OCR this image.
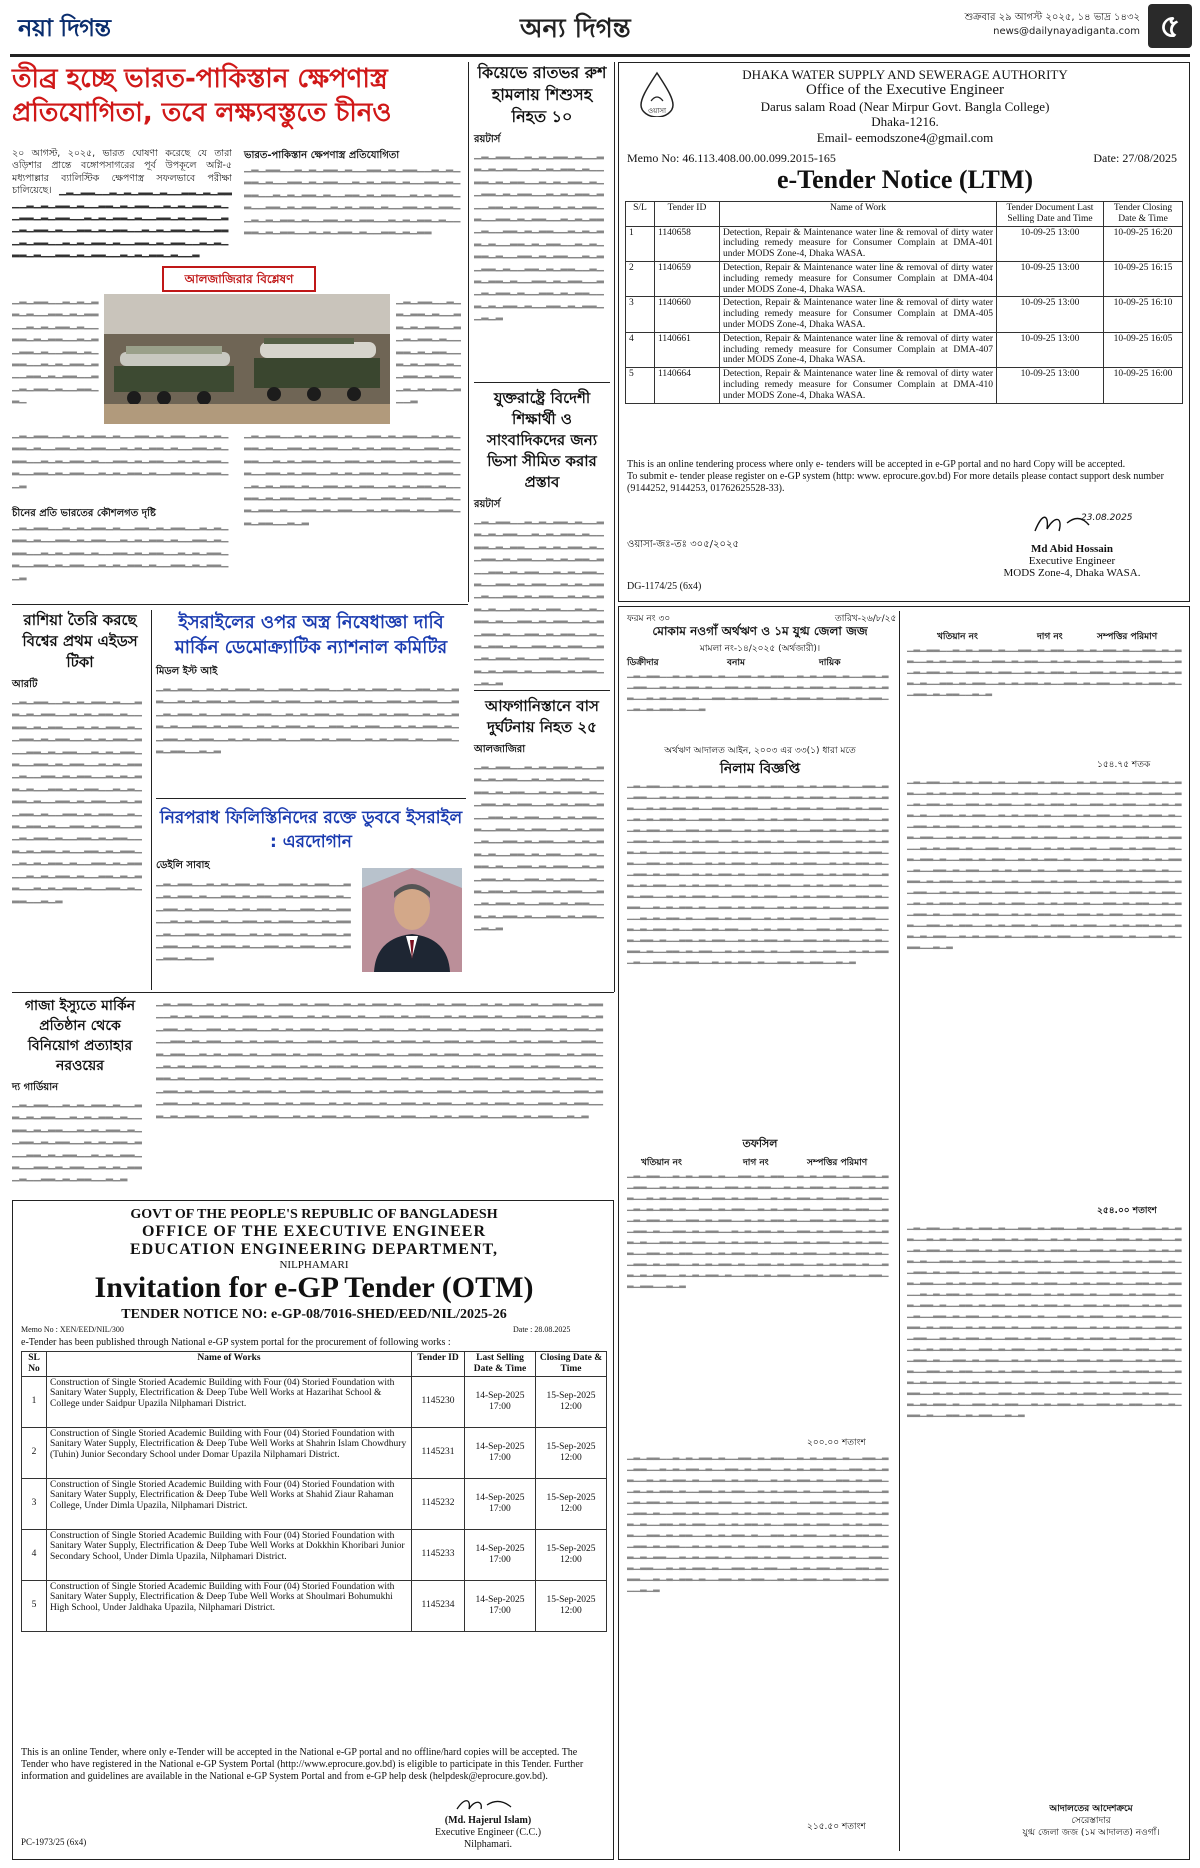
নয়া দিগন্ত	অন্য দিগন্ত	শুক্রবার ২৯ আগস্ট ২০২৫, ১৪ ভাদ্র ১৪৩২
news@dailynayadiganta.com ৫
তীব্র হচ্ছে ভারত-পাকিস্তান ক্ষেপণাস্ত্র
প্রতিযোগিতা, তবে লক্ষ্যবস্তুতে চীনও
২০ আগস্ট, ২০২৫, ভারত ঘোষণা করেছে যে তারা ওড়িশার প্রান্তে বঙ্গোপসাগরের পূর্ব উপকূলে অগ্নি-৫ মধ্যপাল্লার ব্যালিস্টিক ক্ষেপণাস্ত্র সফলভাবে পরীক্ষা চালিয়েছে। ▁▂▁▂▂▁▁▂▁▂▁▂▂▁▂▁▁▂▂▁▂▁▂▂▁▁▂▁▂▁▂▂▁▂▁▁▂▂▁▂▁▂▂▁▁▂▁▂▁▂▂▁▂▁▁▂▂▁▂▁▂▂▁▁▂▁▂▁▂▂▁▂▁▁▂▂▁▂▁▂▂▁▁▂▁▂▁▂▂▁▂▁▁▂▂▁▂▁▂▂▁▁▂▁▂▁▂▂▁▂▁▁▂▂▁▂▁▂▂▁▁▂▁▂▁▂▂▁▂▁▁▂▂▁▂▁▂▂▁▁▂▁▂▁▂▂▁▂▁▁▂▂▁▂▁▂▂▁▁▂▁▂▁▂▂▁▂▁▁▂
ভারত-পাকিস্তান ক্ষেপণাস্ত্র প্রতিযোগিতা
▁▂▁▂▂▁▁▂▁▂▁▂▂▁▂▁▁▂▂▁▂▁▂▂▁▁▂▁▂▁▂▂▁▂▁▁▂▂▁▂▁▂▂▁▁▂▁▂▁▂▂▁▂▁▁▂▂▁▂▁▂▂▁▁▂▁▂▁▂▂▁▂▁▁▂▂▁▂▁▂▂▁▁▂▁▂▁▂▂▁▂▁▁▂▂▁▂▁▂▂▁▁▂▁▂▁▂▂▁▂▁▁▂▂▁▂▁▂▂▁▁▂▁▂▁▂▂▁▂▁▁▂▂▁▂▁▂▂▁▁▂▁▂▁▂▂▁▂▁▁▂▂▁▂▁▂▂▁▁▂▁▂▁▂▂▁▂▁▁▂▂▁▂▁▂▂
আলজাজিরার বিশ্লেষণ
▁▂▁▂▂▁▁▂▁▂▁▂▂▁▂▁▁▂▂▁▂▁▂▂▁▁▂▁▂▁▂▂▁▂▁▁▂▂▁▂▁▂▂▁▁▂▁▂▁▂▂▁▂▁▁▂▂▁▂▁▂▂▁▁▂▁▂▁▂▂▁▂▁▁▂▂▁▂▁▂▂▁▁▂▁▂▁▂▂▁▂▁▁▂▂▁▂▁
▁▂▁▂▂▁▁▂▁▂▁▂▂▁▂▁▁▂▂▁▂▁▂▂▁▁▂▁▂▁▂▂▁▂▁▁▂▂▁▂▁▂▂▁▁▂▁▂▁▂▂▁▂▁▁▂▂▁▂▁▂▂▁▁▂▁▂▁▂▂▁▂▁▁▂
চীনের প্রতি ভারতের কৌশলগত দৃষ্টি
▁▂▁▂▂▁▁▂▁▂▁▂▂▁▂▁▁▂▂▁▂▁▂▂▁▁▂▁▂▁▂▂▁▂▁▁▂▂▁▂▁▂▂▁▁▂▁▂▁▂▂▁▂▁▁▂▂▁▂▁▂▂▁▁▂▁▂▁▂▂▁▂▁▁▂▂▁▂▁▂▂▁▁▂▁▂▁▂▂▁▂▁▁▂▂▁▂▁▂▂▁▁▂▁▂▁▂▂▁▂▁▁▂▂▁▂▁▂▂▁▁▂
▁▂▁▂▂▁▁▂▁▂▁▂▂▁▂▁▁▂▂▁▂▁▂▂▁▁▂▁▂▁▂▂▁▂▁▁▂▂▁▂▁▂▂▁▁▂▁▂▁▂▂▁▂▁▁▂▂▁▂▁▂▂▁▁▂▁▂▁▂▂▁▂▁▁▂▂▁▂▁▂▂▁▁▂▁▂▁▂▂▁▂▁▁▂▂▁▂▁▂▂▁▁▂▁▂▁▂▂▁▂▁▁▂▂▁▂▁▂▂▁▁▂
▁▂▁▂▂▁▁▂▁▂▁▂▂▁▂▁▁▂▂▁▂▁▂▂▁▁▂▁▂▁▂▂▁▂▁▁▂▂▁▂▁▂▂▁▁▂▁▂▁▂▂▁▂▁▁▂▂▁▂▁▂▂▁▁▂▁▂▁▂▂▁▂▁▁▂▂▁▂▁▂▂▁▁▂▁▂▁▂▂▁▂▁▁▂▂▁▂▁▂▂▁▁▂▁▂▁▂▂▁▂▁▁▂▂▁▂▁▂▂▁▁▂▁▂▁▂▂▁▂▁▁▂▂▁▂▁▂▂▁▁▂▁▂▁▂▂▁▂▁▁▂▂▁▂▁▂▂▁▁▂▁▂▁▂▂▁▂▁▁▂▂▁▂▁▂▂▁▁▂▁▂▁▂▂▁▂▁▁▂▂▁▂▁▂▂▁▁▂▁▂▁▂▂▁▂▁▁▂▂▁▂▁▂▂▁▁▂▁▂
কিয়েভে রাতভর রুশ হামলায় শিশুসহ নিহত ১০
রয়টার্স
▁▂▁▂▂▁▁▂▁▂▁▂▂▁▂▁▁▂▂▁▂▁▂▂▁▁▂▁▂▁▂▂▁▂▁▁▂▂▁▂▁▂▂▁▁▂▁▂▁▂▂▁▂▁▁▂▂▁▂▁▂▂▁▁▂▁▂▁▂▂▁▂▁▁▂▂▁▂▁▂▂▁▁▂▁▂▁▂▂▁▂▁▁▂▂▁▂▁▂▂▁▁▂▁▂▁▂▂▁▂▁▁▂▂▁▂▁▂▂▁▁▂▁▂▁▂▂▁▂▁▁▂▂▁▂▁▂▂▁▁▂▁▂▁▂▂▁▂▁▁▂▂▁▂▁▂▂▁▁▂▁▂▁▂▂▁▂▁▁▂▂▁▂▁▂▂▁▁▂▁▂▁▂▂▁▂▁▁▂▂▁▂▁▂▂▁▁▂▁▂▁▂▂▁▂▁▁▂▂▁▂▁▂▂▁▁▂▁▂▁▂▂▁▂▁▁▂▂▁▂▁▂▂▁▁▂▁▂
যুক্তরাষ্ট্রে বিদেশী শিক্ষার্থী ও সাংবাদিকদের জন্য ভিসা সীমিত করার প্রস্তাব
রয়টার্স
▁▂▁▂▂▁▁▂▁▂▁▂▂▁▂▁▁▂▂▁▂▁▂▂▁▁▂▁▂▁▂▂▁▂▁▁▂▂▁▂▁▂▂▁▁▂▁▂▁▂▂▁▂▁▁▂▂▁▂▁▂▂▁▁▂▁▂▁▂▂▁▂▁▁▂▂▁▂▁▂▂▁▁▂▁▂▁▂▂▁▂▁▁▂▂▁▂▁▂▂▁▁▂▁▂▁▂▂▁▂▁▁▂▂▁▂▁▂▂▁▁▂▁▂▁▂▂▁▂▁▁▂▂▁▂▁▂▂▁▁▂▁▂▁▂▂▁▂▁▁▂▂▁▂▁▂▂▁▁▂▁▂▁▂▂▁▂▁▁▂▂▁▂▁▂▂▁▁▂▁▂▁▂▂▁▂▁▁▂▂▁▂▁▂▂▁▁▂▁▂▁▂▂▁▂▁▁▂▂▁▂▁▂▂▁▁▂▁▂▁▂▂▁▂▁▁▂▂▁▂▁▂▂▁▁▂▁▂
আফগানিস্তানে বাস দুর্ঘটনায় নিহত ২৫
আলজাজিরা
▁▂▁▂▂▁▁▂▁▂▁▂▂▁▂▁▁▂▂▁▂▁▂▂▁▁▂▁▂▁▂▂▁▂▁▁▂▂▁▂▁▂▂▁▁▂▁▂▁▂▂▁▂▁▁▂▂▁▂▁▂▂▁▁▂▁▂▁▂▂▁▂▁▁▂▂▁▂▁▂▂▁▁▂▁▂▁▂▂▁▂▁▁▂▂▁▂▁▂▂▁▁▂▁▂▁▂▂▁▂▁▁▂▂▁▂▁▂▂▁▁▂▁▂▁▂▂▁▂▁▁▂▂▁▂▁▂▂▁▁▂▁▂▁▂▂▁▂▁▁▂▂▁▂▁▂▂▁▁▂▁▂▁▂▂▁▂▁▁▂▂▁▂▁▂▂▁▁▂▁▂▁▂▂▁▂▁▁▂▂▁▂▁▂▂▁▁▂▁▂▁▂▂▁▂▁▁▂▂▁▂▁▂▂▁▁▂▁▂▁▂▂▁▂▁▁▂▂▁▂▁▂▂▁▁▂▁▂
রাশিয়া তৈরি করছে বিশ্বের প্রথম এইডস টিকা
আরটি
▁▂▁▂▂▁▁▂▁▂▁▂▂▁▂▁▁▂▂▁▂▁▂▂▁▁▂▁▂▁▂▂▁▂▁▁▂▂▁▂▁▂▂▁▁▂▁▂▁▂▂▁▂▁▁▂▂▁▂▁▂▂▁▁▂▁▂▁▂▂▁▂▁▁▂▂▁▂▁▂▂▁▁▂▁▂▁▂▂▁▂▁▁▂▂▁▂▁▂▂▁▁▂▁▂▁▂▂▁▂▁▁▂▂▁▂▁▂▂▁▁▂▁▂▁▂▂▁▂▁▁▂▂▁▂▁▂▂▁▁▂▁▂▁▂▂▁▂▁▁▂▂▁▂▁▂▂▁▁▂▁▂▁▂▂▁▂▁▁▂▂▁▂▁▂▂▁▁▂▁▂▁▂▂▁▂▁▁▂▂▁▂▁▂▂▁▁▂▁▂▁▂▂▁▂▁▁▂▂▁▂▁▂▂▁▁▂▁▂▁▂▂▁▂▁▁▂▂▁▂▁▂▂▁▁▂▁▂▁▂▂▁▂▁▁▂▂▁▂▁▂▂▁▁▂▁▂▁▂▂▁▂▁▁▂▂▁▂▁▂▂▁▁▂▁▂▁▂▂▁▂▁▁▂▂▁▂▁▂▂▁▁▂▁▂
ইসরাইলের ওপর অস্ত্র নিষেধাজ্ঞা দাবি মার্কিন ডেমোক্র্যাটিক ন্যাশনাল কমিটির
মিডল ইস্ট আই
▁▂▁▂▂▁▁▂▁▂▁▂▂▁▂▁▁▂▂▁▂▁▂▂▁▁▂▁▂▁▂▂▁▂▁▁▂▂▁▂▁▂▂▁▁▂▁▂▁▂▂▁▂▁▁▂▂▁▂▁▂▂▁▁▂▁▂▁▂▂▁▂▁▁▂▂▁▂▁▂▂▁▁▂▁▂▁▂▂▁▂▁▁▂▂▁▂▁▂▂▁▁▂▁▂▁▂▂▁▂▁▁▂▂▁▂▁▂▂▁▁▂▁▂▁▂▂▁▂▁▁▂▂▁▂▁▂▂▁▁▂▁▂▁▂▂▁▂▁▁▂▂▁▂▁▂▂▁▁▂▁▂▁▂▂▁▂▁▁▂▂▁▂▁▂▂▁▁▂▁▂▁▂▂▁▂▁▁▂▂▁▂▁▂▂▁▁▂▁▂▁▂▂▁▂▁▁▂▂▁▂▁▂▂▁▁▂▁▂
নিরপরাধ ফিলিস্তিনিদের রক্তে ডুববে ইসরাইল : এরদোগান
ডেইলি সাবাহ
▁▂▁▂▂▁▁▂▁▂▁▂▂▁▂▁▁▂▂▁▂▁▂▂▁▁▂▁▂▁▂▂▁▂▁▁▂▂▁▂▁▂▂▁▁▂▁▂▁▂▂▁▂▁▁▂▂▁▂▁▂▂▁▁▂▁▂▁▂▂▁▂▁▁▂▂▁▂▁▂▂▁▁▂▁▂▁▂▂▁▂▁▁▂▂▁▂▁▂▂▁▁▂▁▂▁▂▂▁▂▁▁▂▂▁▂▁▂▂▁▁▂▁▂▁▂▂▁▂▁▁▂▂▁▂▁▂▂▁▁▂▁▂▁▂▂▁▂▁▁▂▂▁▂▁▂▂▁▁▂▁▂▁▂▂▁▂▁▁▂
ওয়াসা
DHAKA WATER SUPPLY AND SEWERAGE AUTHORITY
Office of the Executive Engineer
Darus salam Road (Near Mirpur Govt. Bangla College)
Dhaka-1216.
Email- eemodszone4@gmail.com
Memo No: 46.113.408.00.00.099.2015-165	Date: 27/08/2025
e-Tender Notice (LTM)
S/L	Tender ID	Name of Work	Tender Document Last Selling Date and Time	Tender Closing Date & Time
1	1140658	Detection, Repair & Maintenance water line & removal of dirty water including remedy measure for Consumer Complain at DMA-401 under MODS Zone-4, Dhaka WASA.	10-09-25 13:00	10-09-25 16:20
2	1140659	Detection, Repair & Maintenance water line & removal of dirty water including remedy measure for Consumer Complain at DMA-404 under MODS Zone-4, Dhaka WASA.	10-09-25 13:00	10-09-25 16:15
3	1140660	Detection, Repair & Maintenance water line & removal of dirty water including remedy measure for Consumer Complain at DMA-405 under MODS Zone-4, Dhaka WASA.	10-09-25 13:00	10-09-25 16:10
4	1140661	Detection, Repair & Maintenance water line & removal of dirty water including remedy measure for Consumer Complain at DMA-407 under MODS Zone-4, Dhaka WASA.	10-09-25 13:00	10-09-25 16:05
5	1140664	Detection, Repair & Maintenance water line & removal of dirty water including remedy measure for Consumer Complain at DMA-410 under MODS Zone-4, Dhaka WASA.	10-09-25 13:00	10-09-25 16:00
This is an online tendering process where only e- tenders will be accepted in e-GP portal and no hard Copy will be accepted.
To submit e- tender please register on e-GP system (http: www. eprocure.gov.bd) For more details please contact support desk number (9144252, 9144253, 01762625528-33).
ওয়াসা-জঃ-তঃ ৩০৫/২০২৫
23.08.2025
Md Abid Hossain
Executive Engineer
MODS Zone-4, Dhaka WASA.
DG-1174/25 (6x4)
ফরম নং ৩০	তারিখ-২৬/৮/২৫
মোকাম নওগাঁ অর্থঋণ ও ১ম যুগ্ম জেলা জজ
মামলা নং-১৪/২০২৫ (অর্থজারী)।
ডিক্রীদার	বনাম	দায়িক
▁▂▁▂▂▁▁▂▁▂▁▂▂▁▂▁▁▂▂▁▂▁▂▂▁▁▂▁▂▁▂▂▁▂▁▁▂▂▁▂▁▂▂▁▁▂▁▂▁▂▂▁▂▁▁▂▂▁▂▁▂▂▁▁▂▁▂▁▂▂▁▂▁▁▂▂▁▂▁▂▂▁▁▂▁▂▁▂▂▁▂▁▁▂▂▁▂▁▂▂▁▁▂▁▂▁▂▂▁▂▁▁▂▂▁▂▁▂▂▁▁▂▁▂▁▂▂▁▂▁▁▂
অর্থঋণ আদালত আইন, ২০০৩ এর ৩৩(১) ধারা মতে
নিলাম বিজ্ঞপ্তি
▁▂▁▂▂▁▁▂▁▂▁▂▂▁▂▁▁▂▂▁▂▁▂▂▁▁▂▁▂▁▂▂▁▂▁▁▂▂▁▂▁▂▂▁▁▂▁▂▁▂▂▁▂▁▁▂▂▁▂▁▂▂▁▁▂▁▂▁▂▂▁▂▁▁▂▂▁▂▁▂▂▁▁▂▁▂▁▂▂▁▂▁▁▂▂▁▂▁▂▂▁▁▂▁▂▁▂▂▁▂▁▁▂▂▁▂▁▂▂▁▁▂▁▂▁▂▂▁▂▁▁▂▂▁▂▁▂▂▁▁▂▁▂▁▂▂▁▂▁▁▂▂▁▂▁▂▂▁▁▂▁▂▁▂▂▁▂▁▁▂▂▁▂▁▂▂▁▁▂▁▂▁▂▂▁▂▁▁▂▂▁▂▁▂▂▁▁▂▁▂▁▂▂▁▂▁▁▂▂▁▂▁▂▂▁▁▂▁▂▁▂▂▁▂▁▁▂▂▁▂▁▂▂▁▁▂▁▂▁▂▂▁▂▁▁▂▂▁▂▁▂▂▁▁▂▁▂▁▂▂▁▂▁▁▂▂▁▂▁▂▂▁▁▂▁▂▁▂▂▁▂▁▁▂▂▁▂▁▂▂▁▁▂▁▂▁▂▂▁▂▁▁▂▂▁▂▁▂▂▁▁▂▁▂▁▂▂▁▂▁▁▂▂▁▂▁▂▂▁▁▂▁▂▁▂▂▁▂▁▁▂▂▁▂▁▂▂▁▁▂▁▂▁▂▂▁▂▁▁▂▂▁▂▁▂▂▁▁▂▁▂▁▂▂▁▂▁▁▂▂▁▂▁▂▂▁▁▂▁▂▁▂▂▁▂▁▁▂▂▁▂▁▂▂▁▁▂▁▂▁▂▂▁▂▁▁▂▂▁▂▁▂▂▁▁▂▁▂▁▂▂▁▂▁▁▂▂▁▂▁▂▂▁▁▂▁▂▁▂▂▁▂▁▁▂▂▁▂▁▂▂▁▁▂▁▂▁▂▂▁▂▁▁▂▂▁▂▁▂▂▁▁▂▁▂▁▂▂▁▂▁▁▂▂▁▂▁▂▂▁▁▂▁▂▁▂▂▁▂▁▁▂▂▁▂▁▂▂▁▁▂▁▂▁▂▂▁▂▁▁▂▂▁▂▁▂▂▁▁▂▁▂▁▂▂▁▂▁▁▂▂▁▂▁▂▂▁▁▂▁▂▁▂▂▁▂▁▁▂▂▁▂▁▂▂▁▁▂▁▂▁▂▂▁▂▁▁▂▂▁▂▁▂▂▁▁▂▁▂▁▂▂▁▂▁▁▂▂▁▂▁▂▂▁▁▂▁▂▁▂▂▁▂▁▁▂▂▁▂▁▂▂▁▁▂▁▂▁▂▂▁▂▁▁▂▂▁▂▁▂▂▁▁▂▁▂▁▂▂▁▂▁▁▂▂▁▂▁▂▂▁▁▂▁▂
তফসিল
খতিয়ান নং	দাগ নং	সম্পত্তির পরিমাণ
▁▂▁▂▂▁▁▂▁▂▁▂▂▁▂▁▁▂▂▁▂▁▂▂▁▁▂▁▂▁▂▂▁▂▁▁▂▂▁▂▁▂▂▁▁▂▁▂▁▂▂▁▂▁▁▂▂▁▂▁▂▂▁▁▂▁▂▁▂▂▁▂▁▁▂▂▁▂▁▂▂▁▁▂▁▂▁▂▂▁▂▁▁▂▂▁▂▁▂▂▁▁▂▁▂▁▂▂▁▂▁▁▂▂▁▂▁▂▂▁▁▂▁▂▁▂▂▁▂▁▁▂▂▁▂▁▂▂▁▁▂▁▂▁▂▂▁▂▁▁▂▂▁▂▁▂▂▁▁▂▁▂▁▂▂▁▂▁▁▂▂▁▂▁▂▂▁▁▂▁▂▁▂▂▁▂▁▁▂▂▁▂▁▂▂▁▁▂▁▂▁▂▂▁▂▁▁▂▂▁▂▁▂▂▁▁▂▁▂▁▂▂▁▂▁▁▂▂▁▂▁▂▂▁▁▂▁▂▁▂▂▁▂▁▁▂▂▁▂▁▂▂▁▁▂▁▂▁▂▂▁▂▁▁▂▂▁▂▁▂▂▁▁▂▁▂▁▂▂▁▂▁▁▂▂▁▂▁▂▂▁▁▂▁▂▁▂▂▁▂▁▁▂▂▁▂▁▂▂▁▁▂▁▂▁▂▂▁▂▁▁▂▂▁▂▁▂▂▁▁▂▁▂▁▂▂▁▂▁▁▂▂▁▂▁▂▂▁▁▂▁▂▁▂▂▁▂▁▁▂▂▁▂▁▂▂▁▁▂▁▂▁▂▂▁▂▁▁▂▂▁▂▁▂▂▁▁▂▁▂▁▂▂▁▂▁▁▂▂▁▂▁▂▂▁▁▂▁▂
২০০.০০ শতাংশ
▁▂▁▂▂▁▁▂▁▂▁▂▂▁▂▁▁▂▂▁▂▁▂▂▁▁▂▁▂▁▂▂▁▂▁▁▂▂▁▂▁▂▂▁▁▂▁▂▁▂▂▁▂▁▁▂▂▁▂▁▂▂▁▁▂▁▂▁▂▂▁▂▁▁▂▂▁▂▁▂▂▁▁▂▁▂▁▂▂▁▂▁▁▂▂▁▂▁▂▂▁▁▂▁▂▁▂▂▁▂▁▁▂▂▁▂▁▂▂▁▁▂▁▂▁▂▂▁▂▁▁▂▂▁▂▁▂▂▁▁▂▁▂▁▂▂▁▂▁▁▂▂▁▂▁▂▂▁▁▂▁▂▁▂▂▁▂▁▁▂▂▁▂▁▂▂▁▁▂▁▂▁▂▂▁▂▁▁▂▂▁▂▁▂▂▁▁▂▁▂▁▂▂▁▂▁▁▂▂▁▂▁▂▂▁▁▂▁▂▁▂▂▁▂▁▁▂▂▁▂▁▂▂▁▁▂▁▂▁▂▂▁▂▁▁▂▂▁▂▁▂▂▁▁▂▁▂▁▂▂▁▂▁▁▂▂▁▂▁▂▂▁▁▂▁▂▁▂▂▁▂▁▁▂▂▁▂▁▂▂▁▁▂▁▂▁▂▂▁▂▁▁▂▂▁▂▁▂▂▁▁▂▁▂▁▂▂▁▂▁▁▂▂▁▂▁▂▂▁▁▂▁▂▁▂▂▁▂▁▁▂▂▁▂▁▂▂▁▁▂▁▂▁▂▂▁▂▁▁▂▂▁▂▁▂▂▁▁▂▁▂▁▂▂▁▂▁▁▂▂▁▂▁▂▂▁▁▂▁▂▁▂▂▁▂▁▁▂▂▁▂▁▂▂▁▁▂▁▂▁▂▂▁▂▁▁▂▂▁▂▁▂▂▁▁▂▁▂▁▂▂▁▂▁▁▂▂▁▂▁▂▂▁▁▂▁▂▁▂▂▁▂▁▁▂▂▁▂▁▂▂▁▁▂▁▂▁▂▂▁▂▁▁▂▂▁▂▁▂▂▁▁▂▁▂
২১৫.৫০ শতাংশ
খতিয়ান নং	দাগ নং	সম্পত্তির পরিমাণ
▁▂▁▂▂▁▁▂▁▂▁▂▂▁▂▁▁▂▂▁▂▁▂▂▁▁▂▁▂▁▂▂▁▂▁▁▂▂▁▂▁▂▂▁▁▂▁▂▁▂▂▁▂▁▁▂▂▁▂▁▂▂▁▁▂▁▂▁▂▂▁▂▁▁▂▂▁▂▁▂▂▁▁▂▁▂▁▂▂▁▂▁▁▂▂▁▂▁▂▂▁▁▂▁▂▁▂▂▁▂▁▁▂▂▁▂▁▂▂▁▁▂▁▂▁▂▂▁▂▁▁▂▂▁▂▁▂▂▁▁▂▁▂▁▂▂▁▂▁▁▂▂▁▂▁▂▂▁▁▂▁▂▁▂▂▁▂▁▁▂▂▁▂▁▂▂▁▁▂▁▂
১৫৪.৭৫ শতক
▁▂▁▂▂▁▁▂▁▂▁▂▂▁▂▁▁▂▂▁▂▁▂▂▁▁▂▁▂▁▂▂▁▂▁▁▂▂▁▂▁▂▂▁▁▂▁▂▁▂▂▁▂▁▁▂▂▁▂▁▂▂▁▁▂▁▂▁▂▂▁▂▁▁▂▂▁▂▁▂▂▁▁▂▁▂▁▂▂▁▂▁▁▂▂▁▂▁▂▂▁▁▂▁▂▁▂▂▁▂▁▁▂▂▁▂▁▂▂▁▁▂▁▂▁▂▂▁▂▁▁▂▂▁▂▁▂▂▁▁▂▁▂▁▂▂▁▂▁▁▂▂▁▂▁▂▂▁▁▂▁▂▁▂▂▁▂▁▁▂▂▁▂▁▂▂▁▁▂▁▂▁▂▂▁▂▁▁▂▂▁▂▁▂▂▁▁▂▁▂▁▂▂▁▂▁▁▂▂▁▂▁▂▂▁▁▂▁▂▁▂▂▁▂▁▁▂▂▁▂▁▂▂▁▁▂▁▂▁▂▂▁▂▁▁▂▂▁▂▁▂▂▁▁▂▁▂▁▂▂▁▂▁▁▂▂▁▂▁▂▂▁▁▂▁▂▁▂▂▁▂▁▁▂▂▁▂▁▂▂▁▁▂▁▂▁▂▂▁▂▁▁▂▂▁▂▁▂▂▁▁▂▁▂▁▂▂▁▂▁▁▂▂▁▂▁▂▂▁▁▂▁▂▁▂▂▁▂▁▁▂▂▁▂▁▂▂▁▁▂▁▂▁▂▂▁▂▁▁▂▂▁▂▁▂▂▁▁▂▁▂▁▂▂▁▂▁▁▂▂▁▂▁▂▂▁▁▂▁▂▁▂▂▁▂▁▁▂▂▁▂▁▂▂▁▁▂▁▂▁▂▂▁▂▁▁▂▂▁▂▁▂▂▁▁▂▁▂▁▂▂▁▂▁▁▂▂▁▂▁▂▂▁▁▂▁▂▁▂▂▁▂▁▁▂▂▁▂▁▂▂▁▁▂▁▂▁▂▂▁▂▁▁▂▂▁▂▁▂▂▁▁▂▁▂▁▂▂▁▂▁▁▂▂▁▂▁▂▂▁▁▂▁▂▁▂▂▁▂▁▁▂▂▁▂▁▂▂▁▁▂▁▂▁▂▂▁▂▁▁▂▂▁▂▁▂▂▁▁▂▁▂▁▂▂▁▂▁▁▂▂▁▂▁▂▂▁▁▂▁▂▁▂▂▁▂▁▁▂▂▁▂▁▂▂▁▁▂▁▂▁▂▂▁▂▁▁▂▂▁▂▁▂▂▁▁▂▁▂▁▂▂▁▂▁▁▂▂▁▂▁▂▂▁▁▂▁▂▁▂▂▁▂▁▁▂▂▁▂▁▂▂▁▁▂▁▂
২৫৪.০০ শতাংশ
▁▂▁▂▂▁▁▂▁▂▁▂▂▁▂▁▁▂▂▁▂▁▂▂▁▁▂▁▂▁▂▂▁▂▁▁▂▂▁▂▁▂▂▁▁▂▁▂▁▂▂▁▂▁▁▂▂▁▂▁▂▂▁▁▂▁▂▁▂▂▁▂▁▁▂▂▁▂▁▂▂▁▁▂▁▂▁▂▂▁▂▁▁▂▂▁▂▁▂▂▁▁▂▁▂▁▂▂▁▂▁▁▂▂▁▂▁▂▂▁▁▂▁▂▁▂▂▁▂▁▁▂▂▁▂▁▂▂▁▁▂▁▂▁▂▂▁▂▁▁▂▂▁▂▁▂▂▁▁▂▁▂▁▂▂▁▂▁▁▂▂▁▂▁▂▂▁▁▂▁▂▁▂▂▁▂▁▁▂▂▁▂▁▂▂▁▁▂▁▂▁▂▂▁▂▁▁▂▂▁▂▁▂▂▁▁▂▁▂▁▂▂▁▂▁▁▂▂▁▂▁▂▂▁▁▂▁▂▁▂▂▁▂▁▁▂▂▁▂▁▂▂▁▁▂▁▂▁▂▂▁▂▁▁▂▂▁▂▁▂▂▁▁▂▁▂▁▂▂▁▂▁▁▂▂▁▂▁▂▂▁▁▂▁▂▁▂▂▁▂▁▁▂▂▁▂▁▂▂▁▁▂▁▂▁▂▂▁▂▁▁▂▂▁▂▁▂▂▁▁▂▁▂▁▂▂▁▂▁▁▂▂▁▂▁▂▂▁▁▂▁▂▁▂▂▁▂▁▁▂▂▁▂▁▂▂▁▁▂▁▂▁▂▂▁▂▁▁▂▂▁▂▁▂▂▁▁▂▁▂▁▂▂▁▂▁▁▂▂▁▂▁▂▂▁▁▂▁▂▁▂▂▁▂▁▁▂▂▁▂▁▂▂▁▁▂▁▂▁▂▂▁▂▁▁▂▂▁▂▁▂▂▁▁▂▁▂▁▂▂▁▂▁▁▂▂▁▂▁▂▂▁▁▂▁▂▁▂▂▁▂▁▁▂▂▁▂▁▂▂▁▁▂▁▂▁▂▂▁▂▁▁▂▂▁▂▁▂▂▁▁▂▁▂▁▂▂▁▂▁▁▂▂▁▂▁▂▂▁▁▂▁▂▁▂▂▁▂▁▁▂▂▁▂▁▂▂▁▁▂▁▂▁▂▂▁▂▁▁▂▂▁▂▁▂▂▁▁▂▁▂▁▂▂▁▂▁▁▂▂▁▂▁▂▂▁▁▂▁▂▁▂▂▁▂▁▁▂▂▁▂▁▂▂▁▁▂▁▂▁▂▂▁▂▁▁▂▂▁▂▁▂▂▁▁▂▁▂▁▂▂▁▂▁▁▂▂▁▂▁▂▂▁▁▂▁▂▁▂▂▁▂▁▁▂▂▁▂▁▂▂▁▁▂▁▂▁▂▂▁▂▁▁▂▂▁▂▁▂▂▁▁▂▁▂▁▂▂▁▂▁▁▂▂▁▂▁▂▂▁▁▂▁▂▁▂▂▁▂▁▁▂▂▁▂▁▂▂▁▁▂▁▂▁▂▂▁▂▁▁▂▂▁▂▁▂▂▁▁▂▁▂
আদালতের আদেশক্রমে
সেরেস্তাদার
যুগ্ম জেলা জজ (১ম আদালত) নওগাঁ।
গাজা ইস্যুতে মার্কিন প্রতিষ্ঠান থেকে বিনিয়োগ প্রত্যাহার নরওয়ের
দ্য গার্ডিয়ান
▁▂▁▂▂▁▁▂▁▂▁▂▂▁▂▁▁▂▂▁▂▁▂▂▁▁▂▁▂▁▂▂▁▂▁▁▂▂▁▂▁▂▂▁▁▂▁▂▁▂▂▁▂▁▁▂▂▁▂▁▂▂▁▁▂▁▂▁▂▂▁▂▁▁▂▂▁▂▁▂▂▁▁▂▁▂▁▂▂▁▂▁▁▂▂▁▂▁▂▂▁▁▂▁▂▁▂▂▁▂▁▁▂▂▁▂▁▂▂▁▁▂▁▂
▁▂▁▂▂▁▁▂▁▂▁▂▂▁▂▁▁▂▂▁▂▁▂▂▁▁▂▁▂▁▂▂▁▂▁▁▂▂▁▂▁▂▂▁▁▂▁▂▁▂▂▁▂▁▁▂▂▁▂▁▂▂▁▁▂▁▂▁▂▂▁▂▁▁▂▂▁▂▁▂▂▁▁▂▁▂▁▂▂▁▂▁▁▂▂▁▂▁▂▂▁▁▂▁▂▁▂▂▁▂▁▁▂▂▁▂▁▂▂▁▁▂▁▂▁▂▂▁▂▁▁▂▂▁▂▁▂▂▁▁▂▁▂▁▂▂▁▂▁▁▂▂▁▂▁▂▂▁▁▂▁▂▁▂▂▁▂▁▁▂▂▁▂▁▂▂▁▁▂▁▂▁▂▂▁▂▁▁▂▂▁▂▁▂▂▁▁▂▁▂▁▂▂▁▂▁▁▂▂▁▂▁▂▂▁▁▂▁▂▁▂▂▁▂▁▁▂▂▁▂▁▂▂▁▁▂▁▂▁▂▂▁▂▁▁▂▂▁▂▁▂▂▁▁▂▁▂▁▂▂▁▂▁▁▂▂▁▂▁▂▂▁▁▂▁▂▁▂▂▁▂▁▁▂▂▁▂▁▂▂▁▁▂▁▂▁▂▂▁▂▁▁▂▂▁▂▁▂▂▁▁▂▁▂▁▂▂▁▂▁▁▂▂▁▂▁▂▂▁▁▂▁▂▁▂▂▁▂▁▁▂▂▁▂▁▂▂▁▁▂▁▂▁▂▂▁▂▁▁▂▂▁▂▁▂▂▁▁▂▁▂▁▂▂▁▂▁▁▂▂▁▂▁▂▂▁▁▂▁▂▁▂▂▁▂▁▁▂▂▁▂▁▂▂▁▁▂▁▂▁▂▂▁▂▁▁▂▂▁▂▁▂▂▁▁▂▁▂▁▂▂▁▂▁▁▂▂▁▂▁▂▂▁▁▂▁▂▁▂▂▁▂▁▁▂▂▁▂▁▂▂▁▁▂▁▂▁▂▂▁▂▁▁▂▂▁▂▁▂▂▁▁▂▁▂▁▂▂▁▂▁▁▂▂▁▂▁▂▂▁▁▂▁▂▁▂▂▁▂▁▁▂▂▁▂▁▂▂▁▁▂▁▂▁▂▂▁▂▁▁▂▂▁▂▁▂▂▁▁▂▁▂▁▂▂▁▂▁▁▂▂▁▂▁▂▂▁▁▂▁▂▁▂▂▁▂▁▁▂▂▁▂▁▂▂▁▁▂▁▂▁▂▂▁▂▁▁▂▂▁▂▁▂▂▁▁▂▁▂▁▂▂▁▂▁▁▂▂▁▂▁▂▂▁▁▂▁▂
GOVT OF THE PEOPLE'S REPUBLIC OF BANGLADESH
OFFICE OF THE EXECUTIVE ENGINEER
EDUCATION ENGINEERING DEPARTMENT,
NILPHAMARI
Invitation for e-GP Tender (OTM)
TENDER NOTICE NO: e-GP-08/7016-SHED/EED/NIL/2025-26
Memo No : XEN/EED/NIL/300	Date : 28.08.2025
e-Tender has been published through National e-GP system portal for the procurement of following works :
SL No	Name of Works	Tender ID	Last Selling Date & Time	Closing Date & Time
1	Construction of Single Storied Academic Building with Four (04) Storied Foundation with Sanitary Water Supply, Electrification & Deep Tube Well Works at Hazarihat School & College under Saidpur Upazila Nilphamari District.	1145230	14-Sep-2025 17:00	15-Sep-2025 12:00
2	Construction of Single Storied Academic Building with Four (04) Storied Foundation with Sanitary Water Supply, Electrification & Deep Tube Well Works at Shahrin Islam Chowdhury (Tuhin) Junior Secondary School under Domar Upazila Nilphamari District.	1145231	14-Sep-2025 17:00	15-Sep-2025 12:00
3	Construction of Single Storied Academic Building with Four (04) Storied Foundation with Sanitary Water Supply, Electrification & Deep Tube Well Works at Shahid Ziaur Rahaman College, Under Dimla Upazila, Nilphamari District.	1145232	14-Sep-2025 17:00	15-Sep-2025 12:00
4	Construction of Single Storied Academic Building with Four (04) Storied Foundation with Sanitary Water Supply, Electrification & Deep Tube Well Works at Dokkhin Khoribari Junior Secondary School, Under Dimla Upazila, Nilphamari District.	1145233	14-Sep-2025 17:00	15-Sep-2025 12:00
5	Construction of Single Storied Academic Building with Four (04) Storied Foundation with Sanitary Water Supply, Electrification & Deep Tube Well Works at Shoulmari Bohumukhi High School, Under Jaldhaka Upazila, Nilphamari District.	1145234	14-Sep-2025 17:00	15-Sep-2025 12:00
This is an online Tender, where only e-Tender will be accepted in the National e-GP portal and no offline/hard copies will be accepted. The Tender who have registered in the National e-GP System Portal (http://www.eprocure.gov.bd) is eligible to participate in this Tender. Further information and guidelines are available in the National e-GP System Portal and from e-GP help desk (helpdesk@eprocure.gov.bd).
(Md. Hajerul Islam)
Executive Engineer (C.C.)
Nilphamari.
PC-1973/25 (6x4)
